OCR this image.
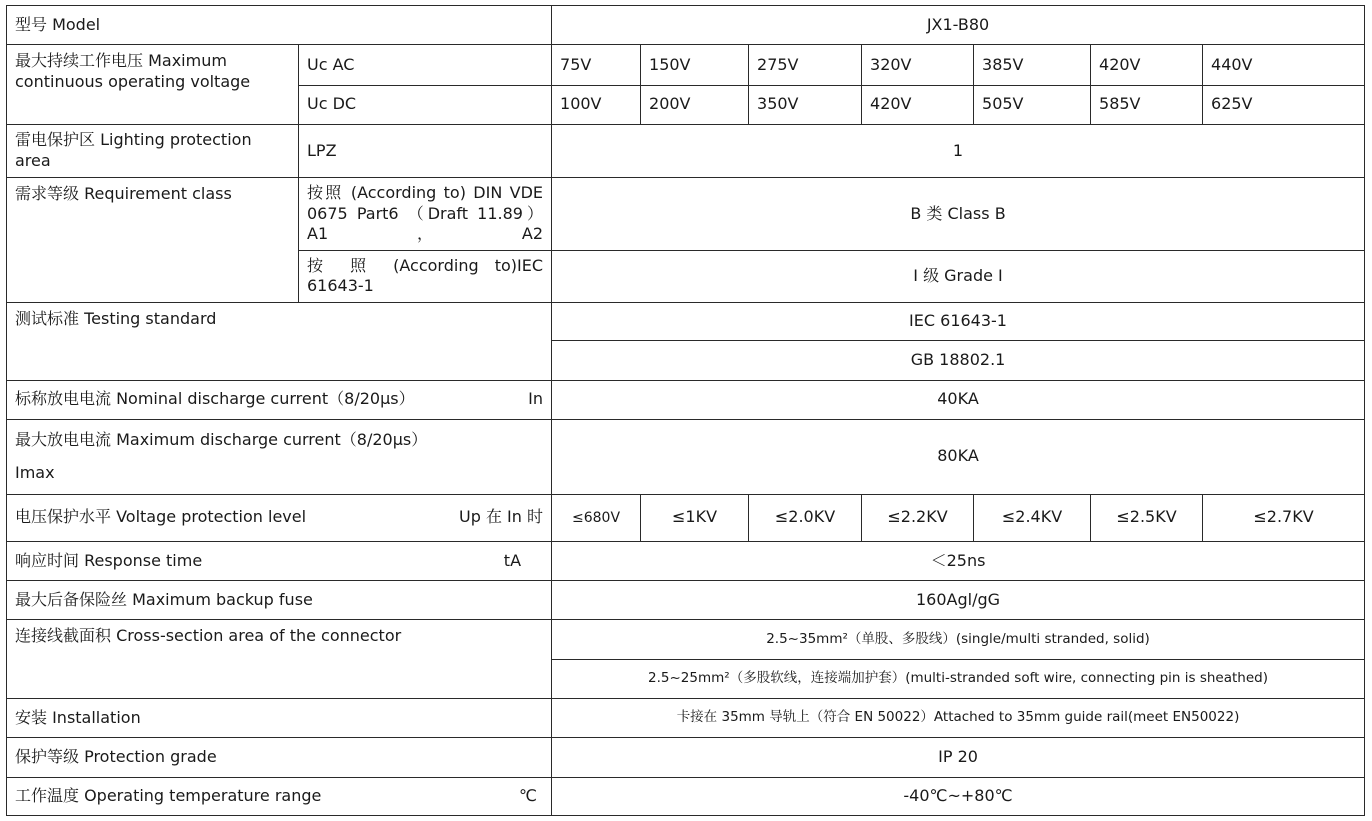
型号 Model		JX1-B80						
最大持续工作电压 Maximum continuous operating voltage	Uc AC	75V	150V	275V	320V	385V	420V	440V
	Uc DC	100V	200V	350V	420V	505V	585V	625V
雷电保护区 Lighting protection area	LPZ	1						
需求等级 Requirement class	按照 (According to) DIN VDE 0675 Part6 （Draft 11.89）A1，A2	B 类 Class B						
	按 照 (According to)IEC 61643-1	I 级 Grade I						
测试标准 Testing standard		IEC 61643-1						
		GB 18802.1						

标称放电电流 Nominal discharge current（8/20μs） In		40KA						

最大放电电流 Maximum discharge current（8/20μs）
Imax		80KA						

电压保护水平 Voltage protection level Up 在 In 时		≤680V	≤1KV	≤2.0KV	≤2.2KV	≤2.4KV	≤2.5KV	≤2.7KV

响应时间 Response time tA		＜25ns						
最大后备保险丝 Maximum backup fuse		160Agl/gG						
连接线截面积 Cross-section area of the connector		2.5~35mm²（单股、多股线）(single/multi stranded, solid)						
		2.5~25mm²（多股软线，连接端加护套）(multi-stranded soft wire, connecting pin is sheathed)						
安装 Installation		卡接在 35mm 导轨上（符合 EN 50022）Attached to 35mm guide rail(meet EN50022)						
保护等级 Protection grade		IP 20						

工作温度 Operating temperature range ℃		-40℃~+80℃						
